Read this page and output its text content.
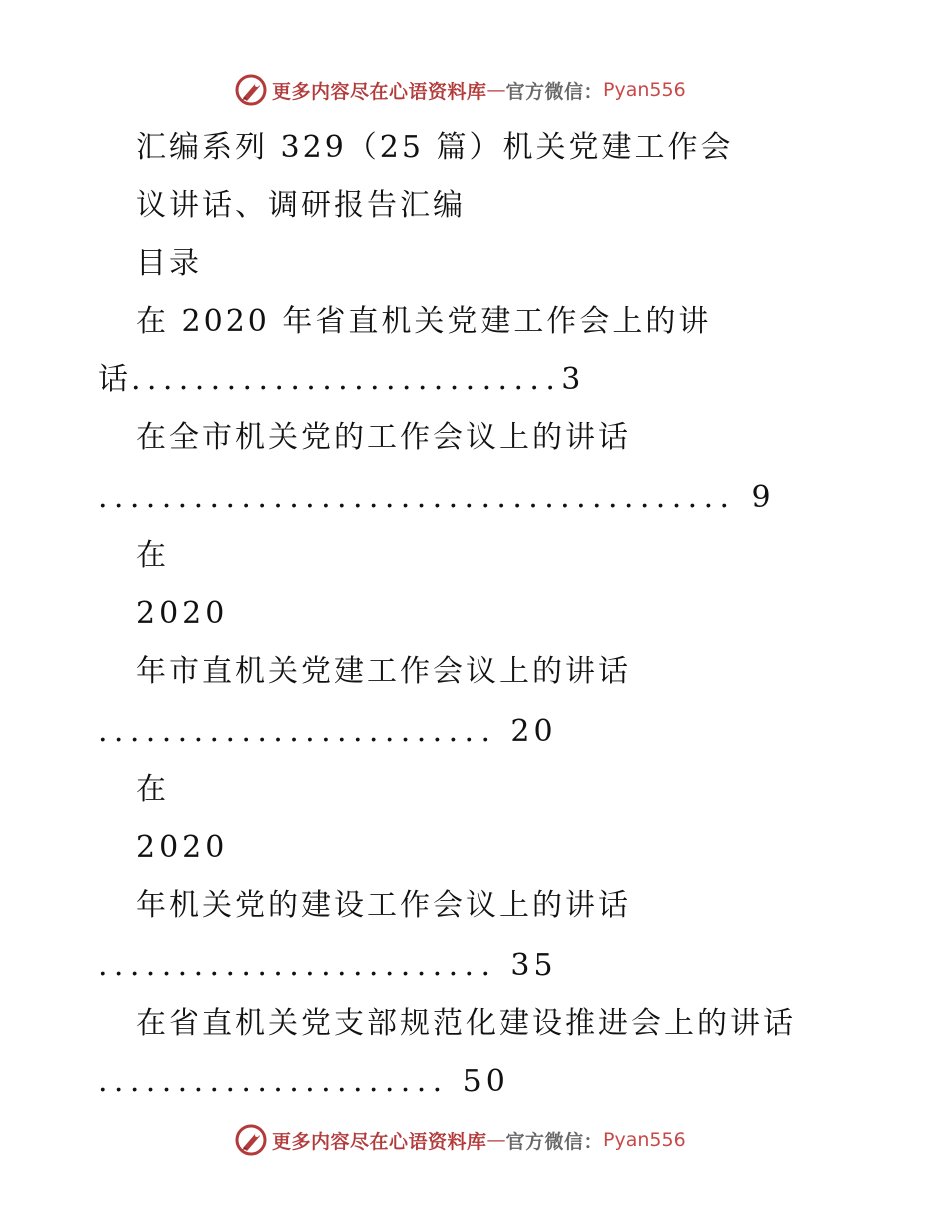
更多内容尽在心语资料库 — 官方微信： Pyan556
汇编系列 329（25 篇）机关党建工作会
议讲话、调研报告汇编
目录
在 2020 年省直机关党建工作会上的讲
话...........................3
在全市机关党的工作会议上的讲话
........................................ 9
在
2020
年市直机关党建工作会议上的讲话
......................... 20
在
2020
年机关党的建设工作会议上的讲话
......................... 35
在省直机关党支部规范化建设推进会上的讲话
...................... 50
更多内容尽在心语资料库 — 官方微信： Pyan556
